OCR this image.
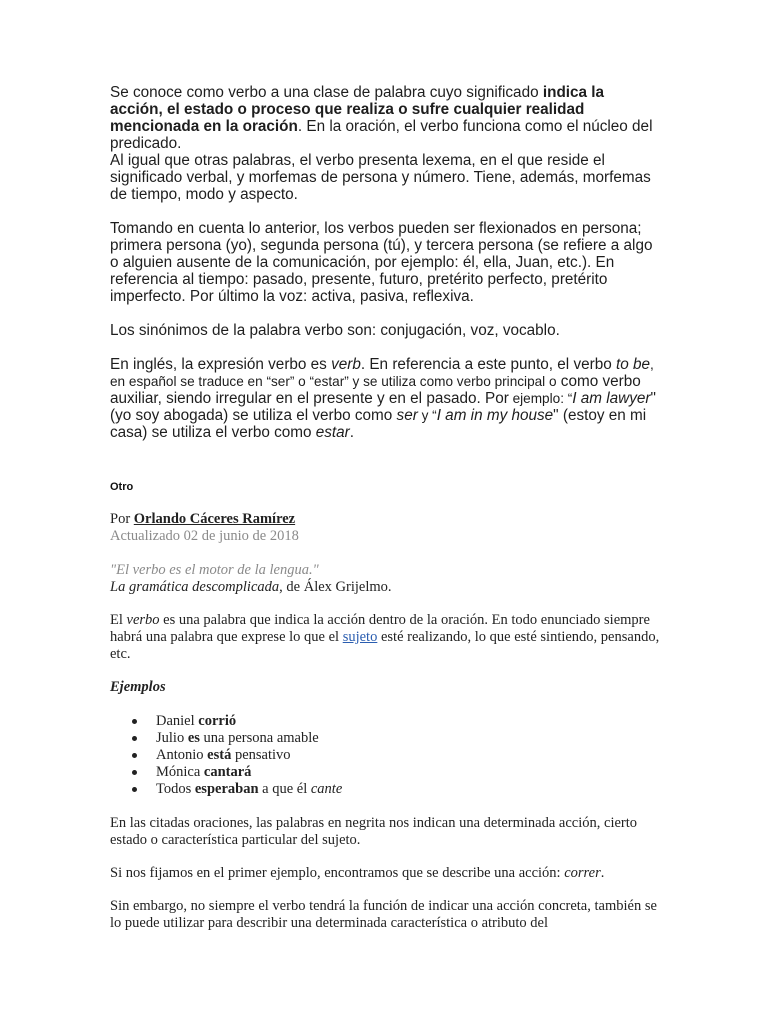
Se conoce como verbo a una clase de palabra cuyo significado indica la acción, el estado o proceso que realiza o sufre cualquier realidad mencionada en la oración. En la oración, el verbo funciona como el núcleo del predicado.

Al igual que otras palabras, el verbo presenta lexema, en el que reside el significado verbal, y morfemas de persona y número. Tiene, además, morfemas de tiempo, modo y aspecto.

Tomando en cuenta lo anterior, los verbos pueden ser flexionados en persona; primera persona (yo), segunda persona (tú), y tercera persona (se refiere a algo o alguien ausente de la comunicación, por ejemplo: él, ella, Juan, etc.). En referencia al tiempo: pasado, presente, futuro, pretérito perfecto, pretérito imperfecto. Por último la voz: activa, pasiva, reflexiva.

Los sinónimos de la palabra verbo son: conjugación, voz, vocablo.

En inglés, la expresión verbo es verb. En referencia a este punto, el verbo to be, en español se traduce en “ser” o “estar” y se utiliza como verbo principal o como verbo auxiliar, siendo irregular en el presente y en el pasado. Por ejemplo: “I am lawyer" (yo soy abogada) se utiliza el verbo como ser y “I am in my house" (estoy en mi casa) se utiliza el verbo como estar.

Otro

Por Orlando Cáceres Ramírez

Actualizado 02 de junio de 2018

"El verbo es el motor de la lengua."

La gramática descomplicada, de Álex Grijelmo.

El verbo es una palabra que indica la acción dentro de la oración. En todo enunciado siempre habrá una palabra que exprese lo que el sujeto esté realizando, lo que esté sintiendo, pensando, etc.

Ejemplos

Daniel corrió
Julio es una persona amable
Antonio está pensativo
Mónica cantará
Todos esperaban a que él cante

En las citadas oraciones, las palabras en negrita nos indican una determinada acción, cierto estado o característica particular del sujeto.

Si nos fijamos en el primer ejemplo, encontramos que se describe una acción: correr.

Sin embargo, no siempre el verbo tendrá la función de indicar una acción concreta, también se lo puede utilizar para describir una determinada característica o atributo del
